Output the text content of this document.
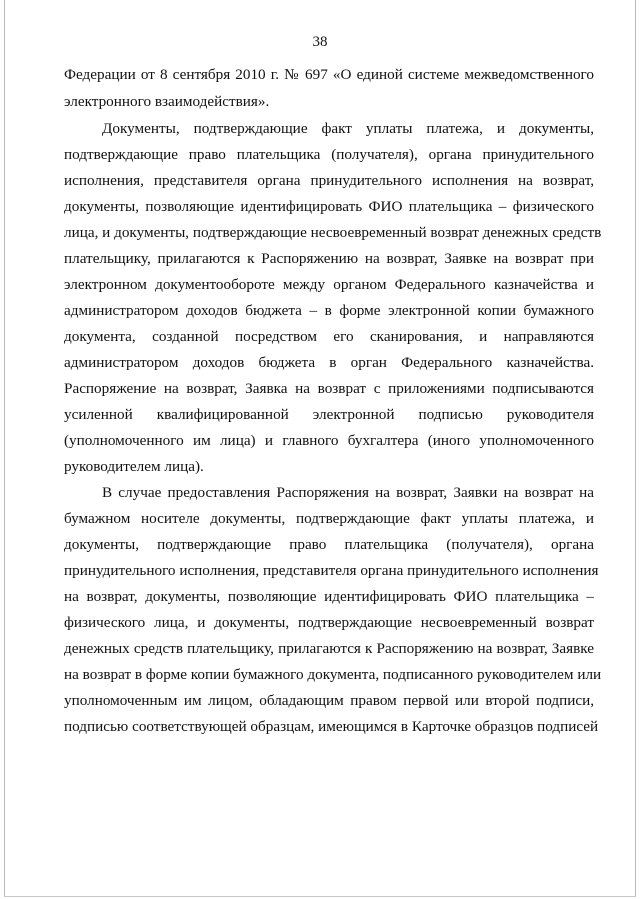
38
Федерации от 8 сентября 2010 г. № 697 «О единой системе межведомственного
электронного взаимодействия».
Документы, подтверждающие факт уплаты платежа, и документы,
подтверждающие право плательщика (получателя), органа принудительного
исполнения, представителя органа принудительного исполнения на возврат,
документы, позволяющие идентифицировать ФИО плательщика – физического
лица, и документы, подтверждающие несвоевременный возврат денежных средств
плательщику, прилагаются к Распоряжению на возврат, Заявке на возврат при
электронном документообороте между органом Федерального казначейства и
администратором доходов бюджета – в форме электронной копии бумажного
документа, созданной посредством его сканирования, и направляются
администратором доходов бюджета в орган Федерального казначейства.
Распоряжение на возврат, Заявка на возврат с приложениями подписываются
усиленной квалифицированной электронной подписью руководителя
(уполномоченного им лица) и главного бухгалтера (иного уполномоченного
руководителем лица).
В случае предоставления Распоряжения на возврат, Заявки на возврат на
бумажном носителе документы, подтверждающие факт уплаты платежа, и
документы, подтверждающие право плательщика (получателя), органа
принудительного исполнения, представителя органа принудительного исполнения
на возврат, документы, позволяющие идентифицировать ФИО плательщика –
физического лица, и документы, подтверждающие несвоевременный возврат
денежных средств плательщику, прилагаются к Распоряжению на возврат, Заявке
на возврат в форме копии бумажного документа, подписанного руководителем или
уполномоченным им лицом, обладающим правом первой или второй подписи,
подписью соответствующей образцам, имеющимся в Карточке образцов подписей
